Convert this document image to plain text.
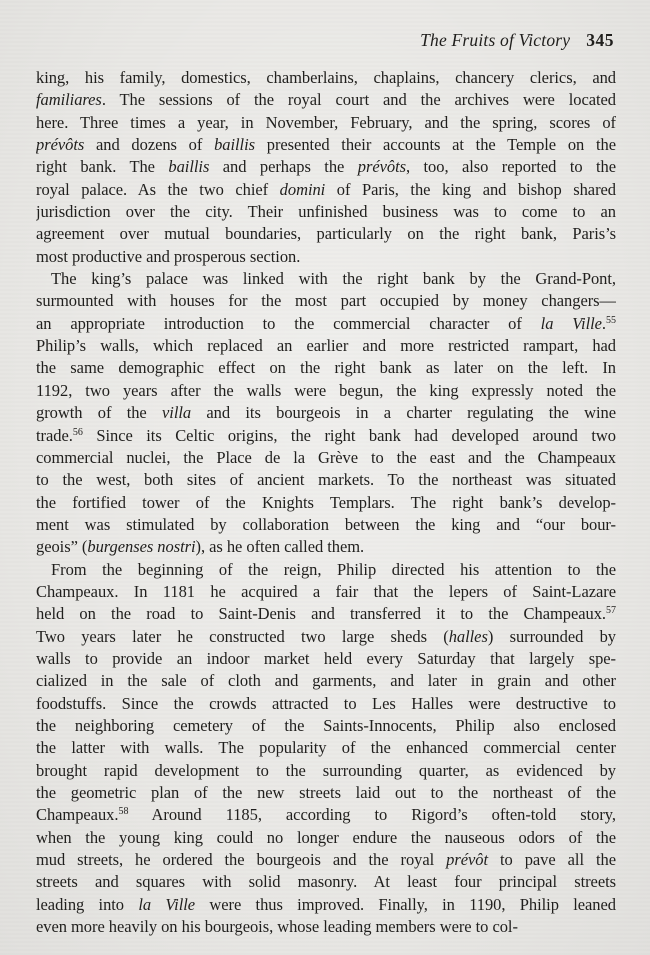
The Fruits of Victory 345
king, his family, domestics, chamberlains, chaplains, chancery clerics, and
familiares. The sessions of the royal court and the archives were located
here. Three times a year, in November, February, and the spring, scores of
prévôts and dozens of baillis presented their accounts at the Temple on the
right bank. The baillis and perhaps the prévôts, too, also reported to the
royal palace. As the two chief domini of Paris, the king and bishop shared
jurisdiction over the city. Their unfinished business was to come to an
agreement over mutual boundaries, particularly on the right bank, Paris’s
most productive and prosperous section.
The king’s palace was linked with the right bank by the Grand-Pont,
surmounted with houses for the most part occupied by money changers—
an appropriate introduction to the commercial character of la Ville.$^{55}$
Philip’s walls, which replaced an earlier and more restricted rampart, had
the same demographic effect on the right bank as later on the left. In
1192, two years after the walls were begun, the king expressly noted the
growth of the villa and its bourgeois in a charter regulating the wine
trade.$^{56}$ Since its Celtic origins, the right bank had developed around two
commercial nuclei, the Place de la Grève to the east and the Champeaux
to the west, both sites of ancient markets. To the northeast was situated
the fortified tower of the Knights Templars. The right bank’s develop-
ment was stimulated by collaboration between the king and “our bour-
geois” (burgenses nostri), as he often called them.
From the beginning of the reign, Philip directed his attention to the
Champeaux. In 1181 he acquired a fair that the lepers of Saint-Lazare
held on the road to Saint-Denis and transferred it to the Champeaux.$^{57}$
Two years later he constructed two large sheds (halles) surrounded by
walls to provide an indoor market held every Saturday that largely spe-
cialized in the sale of cloth and garments, and later in grain and other
foodstuffs. Since the crowds attracted to Les Halles were destructive to
the neighboring cemetery of the Saints-Innocents, Philip also enclosed
the latter with walls. The popularity of the enhanced commercial center
brought rapid development to the surrounding quarter, as evidenced by
the geometric plan of the new streets laid out to the northeast of the
Champeaux.$^{58}$ Around 1185, according to Rigord’s often-told story,
when the young king could no longer endure the nauseous odors of the
mud streets, he ordered the bourgeois and the royal prévôt to pave all the
streets and squares with solid masonry. At least four principal streets
leading into la Ville were thus improved. Finally, in 1190, Philip leaned
even more heavily on his bourgeois, whose leading members were to col-
